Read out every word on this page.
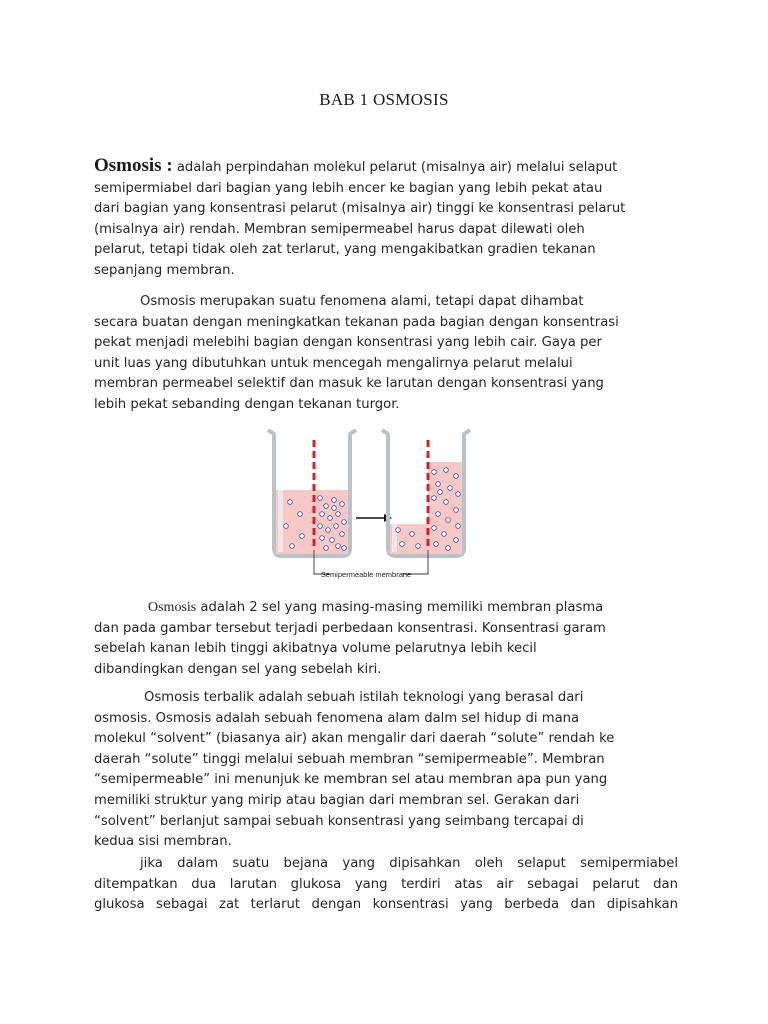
BAB 1 OSMOSIS

Osmosis : adalah perpindahan molekul pelarut (misalnya air) melalui selaput

semipermiabel dari bagian yang lebih encer ke bagian yang lebih pekat atau

dari bagian yang konsentrasi pelarut (misalnya air) tinggi ke konsentrasi pelarut

(misalnya air) rendah. Membran semipermeabel harus dapat dilewati oleh

pelarut, tetapi tidak oleh zat terlarut, yang mengakibatkan gradien tekanan

sepanjang membran.

Osmosis merupakan suatu fenomena alami, tetapi dapat dihambat

secara buatan dengan meningkatkan tekanan pada bagian dengan konsentrasi

pekat menjadi melebihi bagian dengan konsentrasi yang lebih cair. Gaya per

unit luas yang dibutuhkan untuk mencegah mengalirnya pelarut melalui

membran permeabel selektif dan masuk ke larutan dengan konsentrasi yang

lebih pekat sebanding dengan tekanan turgor.

Semipermeable membrane

Osmosis adalah 2 sel yang masing-masing memiliki membran plasma

dan pada gambar tersebut terjadi perbedaan konsentrasi. Konsentrasi garam

sebelah kanan lebih tinggi akibatnya volume pelarutnya lebih kecil

dibandingkan dengan sel yang sebelah kiri.

Osmosis terbalik adalah sebuah istilah teknologi yang berasal dari

osmosis. Osmosis adalah sebuah fenomena alam dalm sel hidup di mana

molekul “solvent” (biasanya air) akan mengalir dari daerah “solute” rendah ke

daerah “solute” tinggi melalui sebuah membran “semipermeable”. Membran

“semipermeable” ini menunjuk ke membran sel atau membran apa pun yang

memiliki struktur yang mirip atau bagian dari membran sel. Gerakan dari

“solvent” berlanjut sampai sebuah konsentrasi yang seimbang tercapai di

kedua sisi membran.

jika dalam suatu bejana yang dipisahkan oleh selaput semipermiabel

ditempatkan dua larutan glukosa yang terdiri atas air sebagai pelarut dan

glukosa sebagai zat terlarut dengan konsentrasi yang berbeda dan dipisahkan
